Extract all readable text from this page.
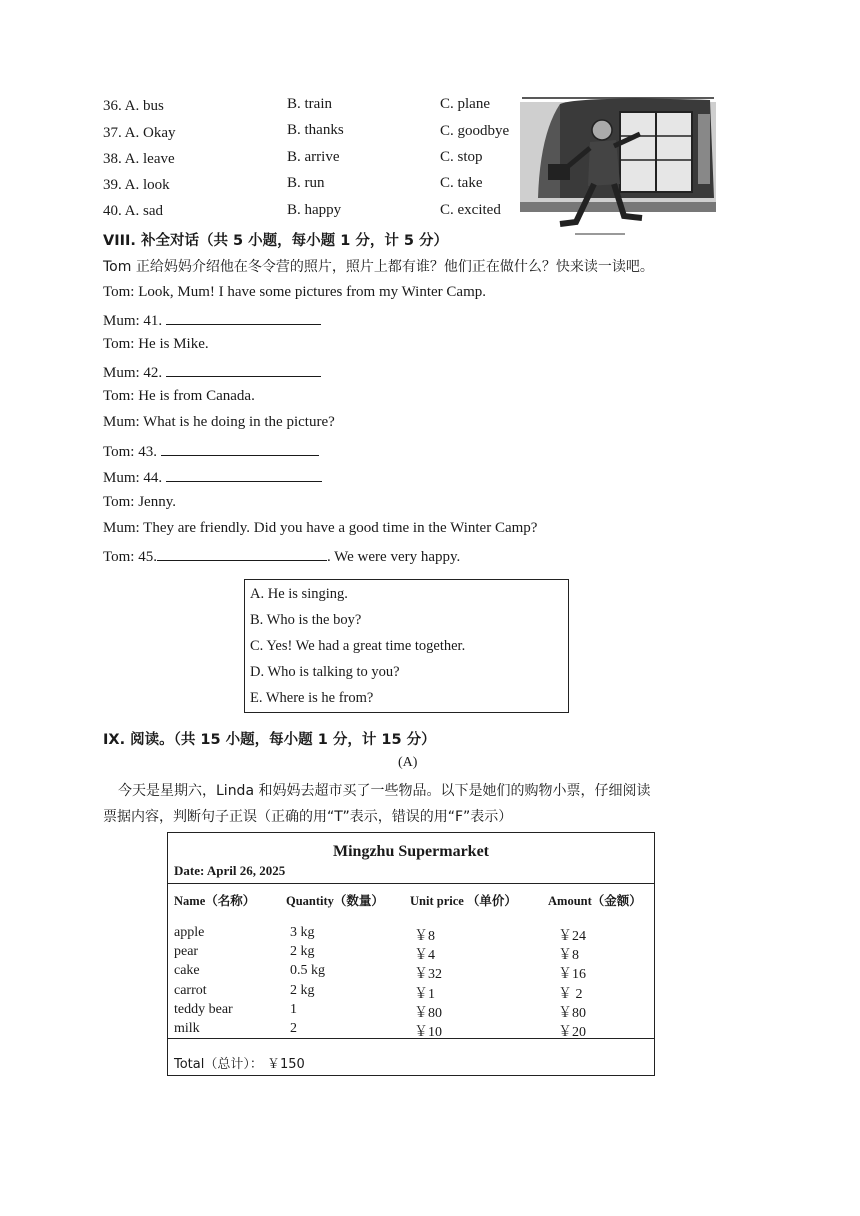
36. A. bus	B. train	C. plane
37. A. Okay	B. thanks	C. goodbye
38. A. leave	B. arrive	C. stop
39. A. look	B. run	C. take
40. A. sad	B. happy	C. excited
VIII. 补全对话（共 5 小题，每小题 1 分，计 5 分）
Tom 正给妈妈介绍他在冬令营的照片，照片上都有谁？他们正在做什么？快来读一读吧。
Tom: Look, Mum! I have some pictures from my Winter Camp.
Mum: 41.
Tom: He is Mike.
Mum: 42.
Tom: He is from Canada.
Mum: What is he doing in the picture?
Tom: 43.
Mum: 44.
Tom: Jenny.
Mum: They are friendly. Did you have a good time in the Winter Camp?
Tom: 45.	. We were very happy.
A. He is singing.
B. Who is the boy?
C. Yes! We had a great time together.
D. Who is talking to you?
E. Where is he from?
IX. 阅读。（共 15 小题，每小题 1 分，计 15 分）
(A)
今天是星期六，Linda 和妈妈去超市买了一些物品。以下是她们的购物小票，仔细阅读
票据内容，判断句子正误（正确的用“T”表示，错误的用“F”表示）
Mingzhu Supermarket
Date: April 26, 2025
Name（名称） Quantity（数量） Unit price （单价） Amount（金额）
apple	3 kg	￥8	￥24
pear	2 kg	￥4	￥8
cake	0.5 kg	￥32	￥16
carrot	2 kg	￥1	￥ 2
teddy bear	1	￥80	￥80
milk	2	￥10	￥20
Total（总计）： ￥150
